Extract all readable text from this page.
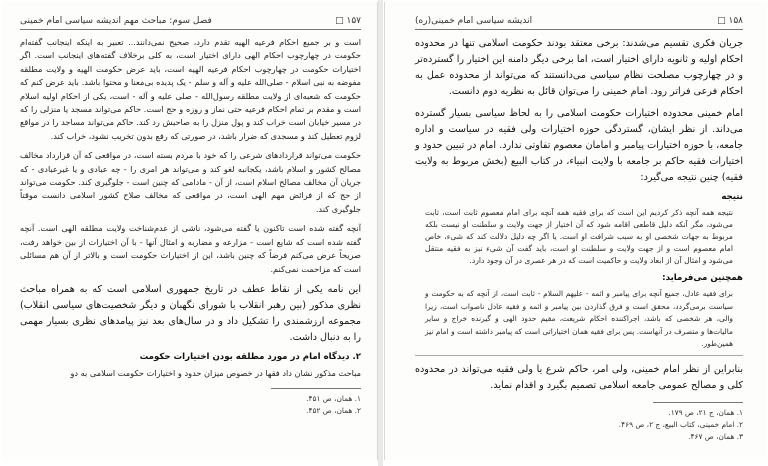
۱۵۷ □
فصل سوم: مباحث مهم اندیشه سیاسی امام خمینی

است و بر جمیع احکام فرعیه الهیه تقدم دارد، صحیح نمی‌دانند... تعبیر به اینکه اینجانب گفته‌ام حکومت در چهارچوب احکام الهی دارای اختیار است، به کلی برخلاف گفته‌های اینجانب است. اگر اختیارات حکومت در چهارچوب احکام فرعیه الهیه است، باید عرض حکومت الهیه و ولایت مطلقه مفوضه به نبی اسلام - صلی‌الله علیه و آله و سلم - یک پدیده بی‌معنا و محتوا باشد. باید عرض کنم که حکومت که شعبه‌ای از ولایت مطلقه رسول‌الله - صلی علیه و آله - است، یکی از احکام اولیه اسلام است و مقدم بر تمام احکام فرعیه حتی نماز و روزه و حج است. حاکم می‌تواند مسجد یا منزلی را که در مسیر خیابان است خراب کند و پول منزل را به صاحبش رد کند. حاکم می‌تواند مساجد را در مواقع لزوم تعطیل کند و مسجدی که ضرار باشد، در صورتی که رفع بدون تخریب نشود، خراب کند.

حکومت می‌تواند قراردادهای شرعی را که خود با مردم بسته است، در مواقعی که آن قرارداد مخالف مصالح کشور و اسلام باشد، یکجانبه لغو کند و می‌تواند هر امری را - چه عبادی و یا غیرعبادی - که جریان آن مخالف مصالح اسلام است، از آن - مادامی که چنین است - جلوگیری کند. حکومت می‌تواند از حج که از فرائض مهم الهی است، در مواقعی که مخالف صلاح کشور اسلامی دانست موقتاً جلوگیری کند.

آنچه گفته شده است تاکنون یا گفته می‌شود، ناشی از عدم‌شناخت ولایت مطلقه الهی است. آنچه گفته شده است که شایع است - مزارعه و مضاربه و امثال آنها - با آن اختیارات از بین خواهد رفت، صریحاً عرض می‌کنم فرضاً که چنین باشد، این از اختیارات حکومت است و بالاتر از آن هم مسائلی است که مزاحمت نمی‌کنم.

این نامه یکی از نقاط عطف در تاریخ جمهوری اسلامی است که به همراه مباحث نظری مذکور (بین رهبر انقلاب با شورای نگهبان و دیگر شخصیت‌های سیاسی انقلاب) مجموعه ارزشمندی را تشکیل داد و در سال‌های بعد نیز پیامدهای نظری بسیار مهمی را به دنبال داشت.

۲. دیدگاه امام در مورد مطلقه بودن اختیارات حکومت

مباحث مذکور نشان داد فقها در خصوص میزان حدود و اختیارات حکومت اسلامی به دو

۱. همان، ص ۴۵۱.
۲. همان، ص ۴۵۲.
۱۵۸ □
اندیشه سیاسی امام خمینی(ره)

جریان فکری تقسیم می‌شدند: برخی معتقد بودند حکومت اسلامی تنها در محدوده احکام اولیه و ثانویه دارای اختیار است، اما برخی دیگر دامنه این اختیار را گسترده‌تر و در چهارچوب مصلحت نظام سیاسی می‌دانستند که می‌تواند از محدوده عمل به احکام فرعی فراتر رود. امام خمینی را می‌توان قائل به نظریه دوم دانست.

امام خمینی محدوده اختیارات حکومت اسلامی را به لحاظ سیاسی بسیار گسترده می‌داند. از نظر ایشان، گستردگی حوزه اختیارات ولی فقیه در سیاست و اداره جامعه، با حوزه اختیارات پیامبر و امامان معصوم تفاوتی ندارد. امام در تبیین حدود و اختیارات فقیه حاکم بر جامعه با ولایت انبیاء، در کتاب البیع (بخش مربوط به ولایت فقیه) چنین نتیجه می‌گیرد:

نتیجه

نتیجه همه آنچه ذکر کردیم این است که برای فقیه همه آنچه برای امام معصوم ثابت است، ثابت می‌شود، مگر آنکه دلیل قاطعی اقامه شود که آن اختیار از جهت ولایت و سلطنت او نیست بلکه مربوط به جهات شخصی او به سبب شرافت او است. یا اگر چه دلیل دلالت کند که شیء، خاص امام معصوم است و از جهت ولایت و سلطنت او است، باید گفت آن شیء نیز به فقیه منتقل می‌شود و امثال آن از ابعاد ولایت و حاکمیت است که در هر عصری در آن وجود دارد.

همچنین می‌فرماید:

برای فقیه عادل، جمیع آنچه برای پیامبر و ائمه - علیهم السلام - ثابت است، از آنچه که به حکومت و سیاست برمی‌گردد، محقق است و فرق گذاردن بین پیامبر و ائمه و فقیه عادل ناصواب است، زیرا والی، هر شخصی که باشد، اجراکننده احکام شریعت، مقیم حدود الهی و گیرنده خراج و سایر مالیات‌ها و متصرف در آنهاست. پس برای فقیه همان اختیاراتی است که پیامبر داشته است و امام نیز همین‌طور.

بنابراین از نظر امام خمینی، ولی امر، حاکم شرع یا ولی فقیه می‌تواند در محدوده کلی و مصالح عمومی جامعه اسلامی تصمیم بگیرد و اقدام نماید.

۱. همان، ج ۲۱، ص ۱۷۹.
۲. امام خمینی، کتاب البیع، ج ۲، ص ۴۶۹.
۳. همان، ص ۴۶۷.
